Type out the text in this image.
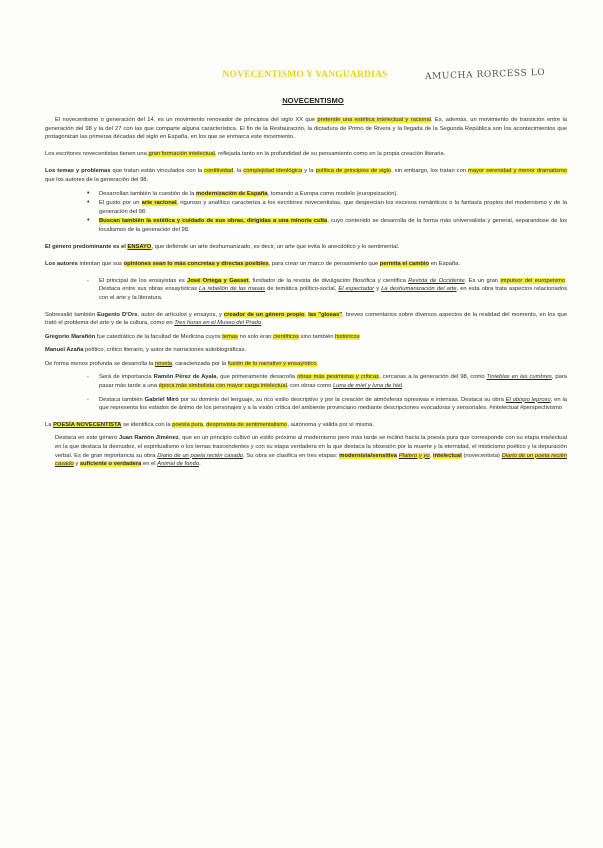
NOVECENTISMO Y VANGUARDIAS	AMUCHA RORCESS LO
NOVECENTISMO

El novecentismo o generación del 14, es un movimiento renovador de principios del siglo XX que pretende una estética intelectual y racional. Es, además, un movimiento de transición entre la generación del 98 y la del 27 con las que comparte alguna característica. El fin de la Restauración, la dictadura de Primo de Rivera y la llegada de la Segunda República son los acontecimientos que protagonizan las primeras décadas del siglo en España, en los que se enmarca este movimiento.

Los escritores novecentistas tienen una gran formación intelectual, reflejada tanto en la profundidad de su pensamiento como en la propia creación literaria.

Los temas y problemas que tratan están vinculados con la contitividad, la complejidad ideológica y la política de principios de siglo, sin embargo, los tratan con mayor serenidad y menor dramatismo que los autores de la generación del 98.

• Desarrollan también la cuestión de la modernización de España, tomando a Europa como modelo (europeización).
• El gusto por un arte racional, riguroso y analítico caracteriza a los escritores novecentistas, que desprecian los excesos románticos o la fantasía propios del modernismo y de la generación del 98.
• Buscan también la estética y cuidado de sus obras, dirigidas a una minoría culta, cuyo contenido se desarrolla de la forma más universalista y general, separandose de los localismos de la generación del 98.

El género predominante es el ENSAYO, que defiende un arte deshumanizado, es decir, un arte que evita lo anecdótico y lo sentimental.

Los autores intentan que sus opiniones sean lo más concretas y directas posibles, para crear un marco de pensamiento que permita el cambio en España.

- El principal de los ensayistas es José Ortega y Gasset, fundador de la revista de divulgación filosófica y científica Revista de Occidente. Es un gran impulsor del europeísmo. Destaca entre sus obras ensayísticas La rebelión de las masas de temática político-social, El espectador y La deshumanización del arte, en esta obra trata aspectos relacionados con el arte y la literatura.

Sobresalió también Eugenio D'Ors, autor de artículos y ensayos, y creador de un género propio, las "glosas", breves comentarios sobre diversos aspectos de la realidad del momento, en los que trató el problema del arte y de la cultura, como en Tres horas en el Museo del Prado.

Gregorio Marañón fue catedrático de la facultad de Medicina cuyos temas no solo eran científicos sino también históricos

Manuel Azaña político, crítico literario, y autor de narraciones autobiográficas.

De forma menos profunda se desarrolla la novela, caracterizada por la fusión de lo narrativo y ensayístico.

- Será de importancia Ramón Pérez de Ayala, que primeramente desarrolla obras más pesimistas y críticas, cercanas a la generación del 98, como Tinieblas en las cumbres, para pasar más tarde a una época más simbolista con mayor carga intelectual, con obras como Luna de miel y luna de hiel.
- Destaca también Gabriel Miró por su dominio del lenguaje, su rico estilo descriptivo y por la creación de atmósferas opresivas e intensas. Destaca su obra El obispo leproso, en la que representa los estados de ánimo de los personajes y a la visión crítica del ambiente provinciano mediante descripciones evocadoras y sensoriales. #intelectual #perspectivismo

La POESÍA NOVECENTISTA se identifica con la poesía pura, desprovista de sentimentalismo, autónoma y válida por sí misma.

Destaca en este género Juan Ramón Jiménez, que en un principio cultivó un estilo próximo al modernismo pero más tarde se inclinó hacia la poesía pura que corresponde con su etapa intelectual en la que destaca la desnudez, el espiritualismo o los temas trascendentes y con su etapa verdadera en la que destaca la obsesión por la muerte y la eternidad, el misticismo poético y la depuración verbal. Es de gran importancia su obra Diario de un poeta recién casado. Su obra se clasifica en tres etapas: modernista/sensitiva Platero y yo, intelectual (novecentista) Diario de un poeta recién casado y suficiente o verdadera en el Animal de fondo.
